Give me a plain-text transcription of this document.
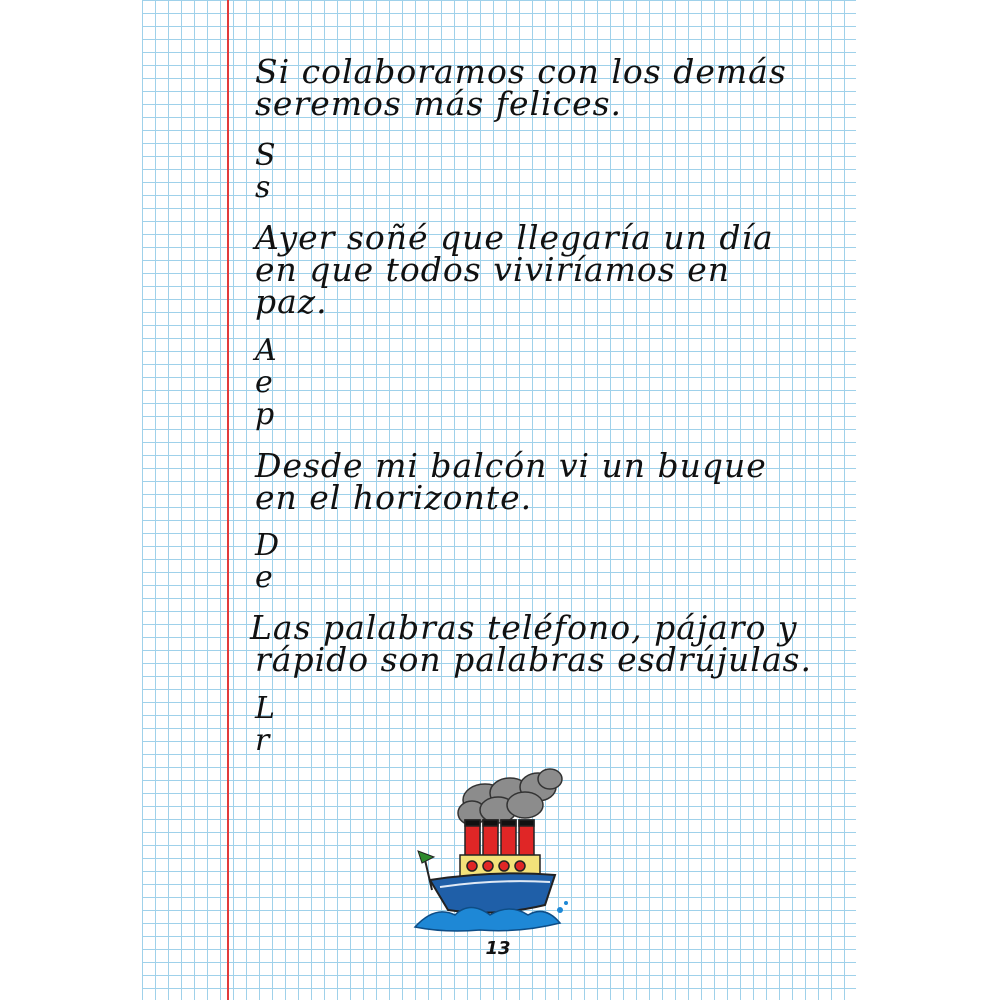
Si colaboramos con los demás
seremos más felices.
S
s
Ayer soñé que llegaría un día
en que todos viviríamos en
paz.
A
e
p
Desde mi balcón vi un buque
en el horizonte.
D
e
Las palabras teléfono, pájaro y
rápido son palabras esdrújulas.
L
r
13
